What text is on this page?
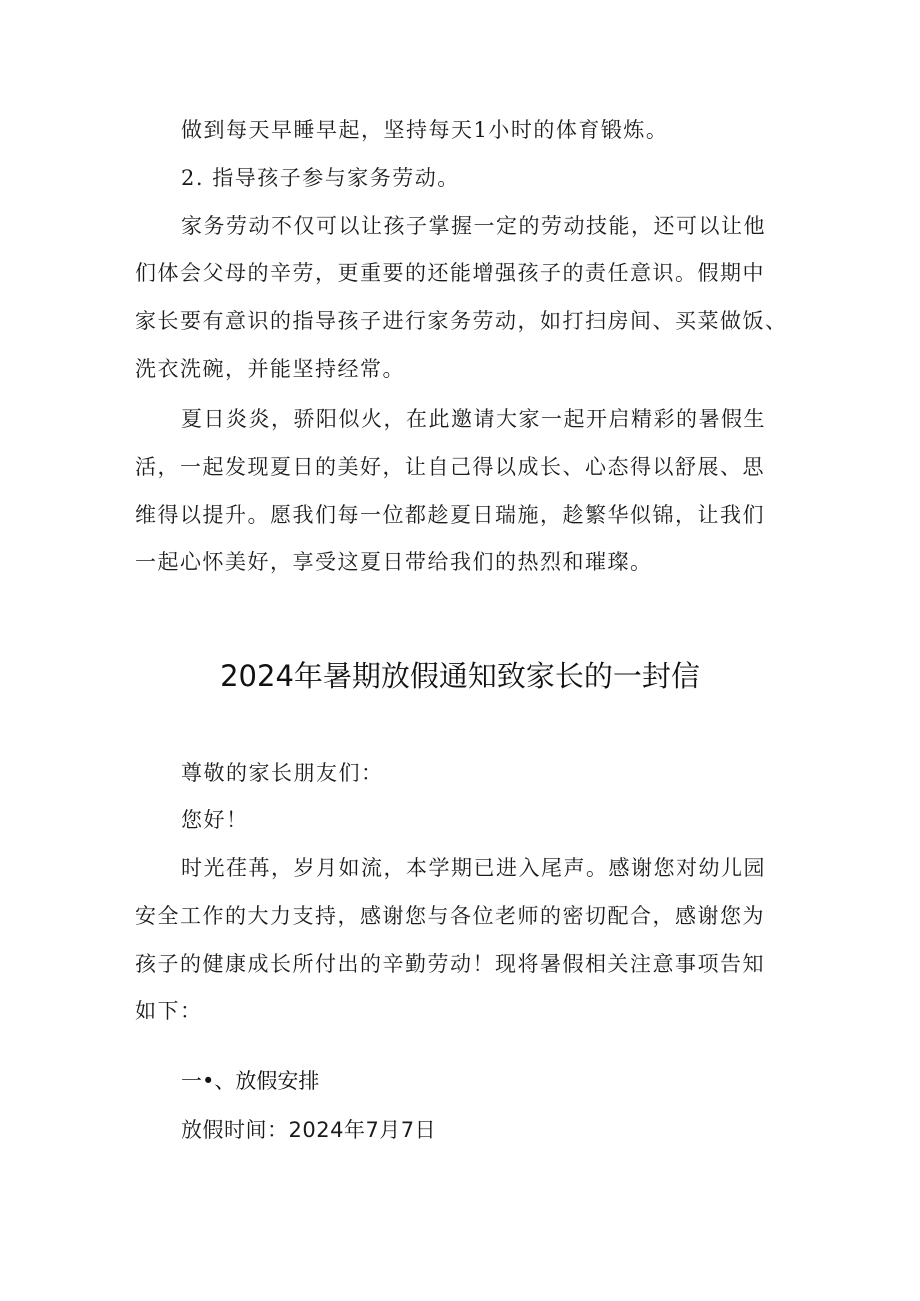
做到每天早睡早起，坚持每天1小时的体育锻炼。
2. 指导孩子参与家务劳动。
家务劳动不仅可以让孩子掌握一定的劳动技能，还可以让他
们体会父母的辛劳，更重要的还能增强孩子的责任意识。假期中
家长要有意识的指导孩子进行家务劳动，如打扫房间、买菜做饭、
洗衣洗碗，并能坚持经常。
夏日炎炎，骄阳似火，在此邀请大家一起开启精彩的暑假生
活，一起发现夏日的美好，让自己得以成长、心态得以舒展、思
维得以提升。愿我们每一位都趁夏日瑞施，趁繁华似锦，让我们
一起心怀美好，享受这夏日带给我们的热烈和璀璨。
2024年暑期放假通知致家长的一封信
尊敬的家长朋友们：
您好！
时光荏苒，岁月如流，本学期已进入尾声。感谢您对幼儿园
安全工作的大力支持，感谢您与各位老师的密切配合，感谢您为
孩子的健康成长所付出的辛勤劳动！现将暑假相关注意事项告知
如下：
一•、放假安排
放假时间：2024年7月7日
